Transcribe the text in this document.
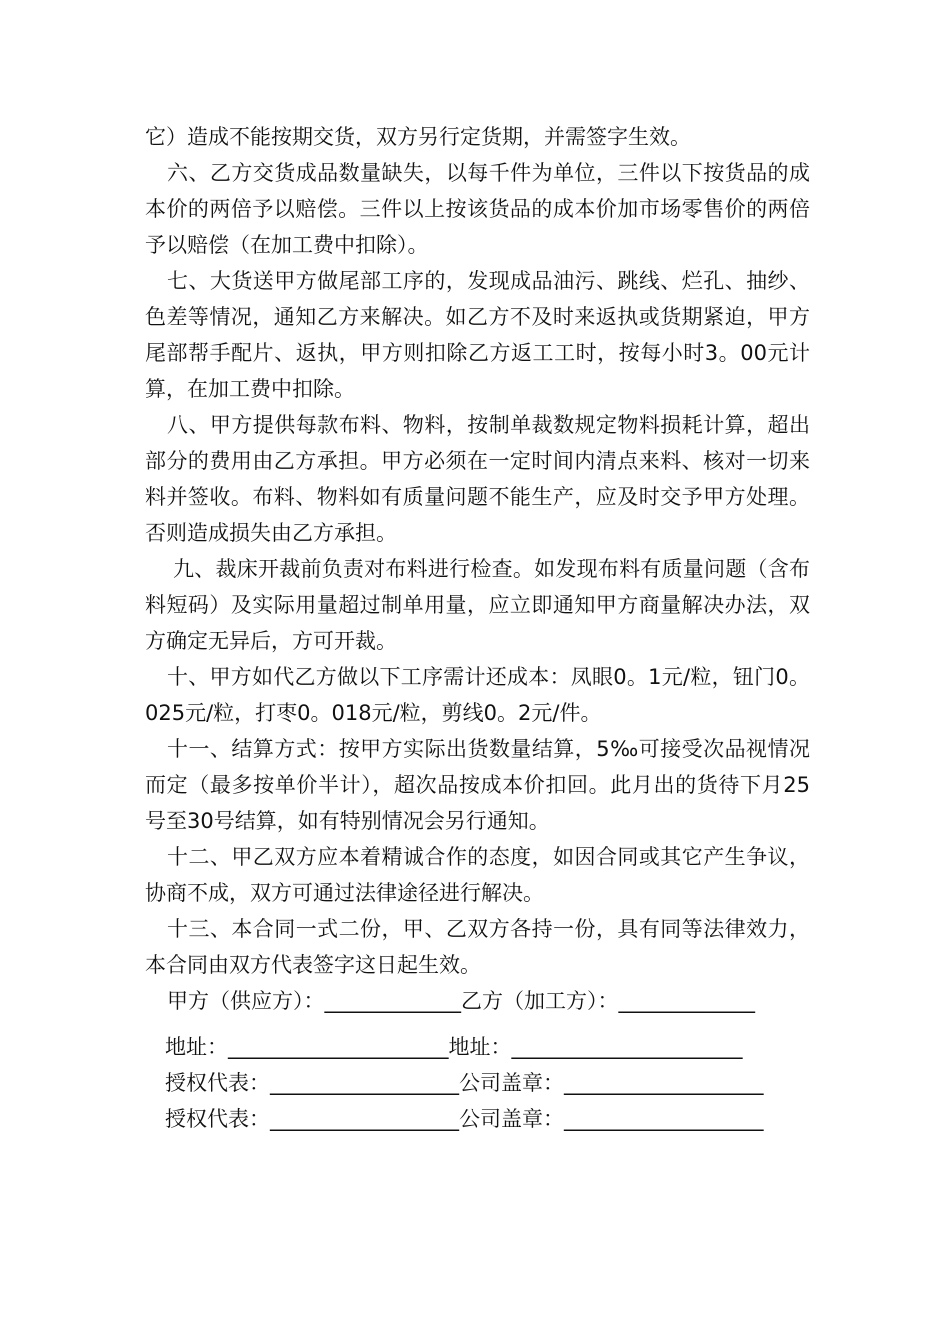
它）造成不能按期交货，双方另行定货期，并需签字生效。

六、乙方交货成品数量缺失，以每千件为单位，三件以下按货品的成本价的两倍予以赔偿。三件以上按该货品的成本价加市场零售价的两倍予以赔偿（在加工费中扣除）。

七、大货送甲方做尾部工序的，发现成品油污、跳线、烂孔、抽纱、色差等情况，通知乙方来解决。如乙方不及时来返执或货期紧迫，甲方尾部帮手配片、返执，甲方则扣除乙方返工工时，按每小时3。00元计算，在加工费中扣除。

八、甲方提供每款布料、物料，按制单裁数规定物料损耗计算，超出部分的费用由乙方承担。甲方必须在一定时间内清点来料、核对一切来料并签收。布料、物料如有质量问题不能生产，应及时交予甲方处理。否则造成损失由乙方承担。

九、裁床开裁前负责对布料进行检查。如发现布料有质量问题（含布料短码）及实际用量超过制单用量，应立即通知甲方商量解决办法，双方确定无异后，方可开裁。

十、甲方如代乙方做以下工序需计还成本：凤眼0。1元/粒，钮门0。025元/粒，打枣0。018元/粒，剪线0。2元/件。

十一、结算方式：按甲方实际出货数量结算，5‰可接受次品视情况而定（最多按单价半计），超次品按成本价扣回。此月出的货待下月25号至30号结算，如有特别情况会另行通知。

十二、甲乙双方应本着精诚合作的态度，如因合同或其它产生争议，协商不成，双方可通过法律途径进行解决。

十三、本合同一式二份，甲、乙双方各持一份，具有同等法律效力，本合同由双方代表签字这日起生效。

甲方（供应方）：_____________乙方（加工方）：_____________

地址：_____________________地址：______________________

授权代表：__________________公司盖章：___________________

授权代表：__________________公司盖章：___________________
